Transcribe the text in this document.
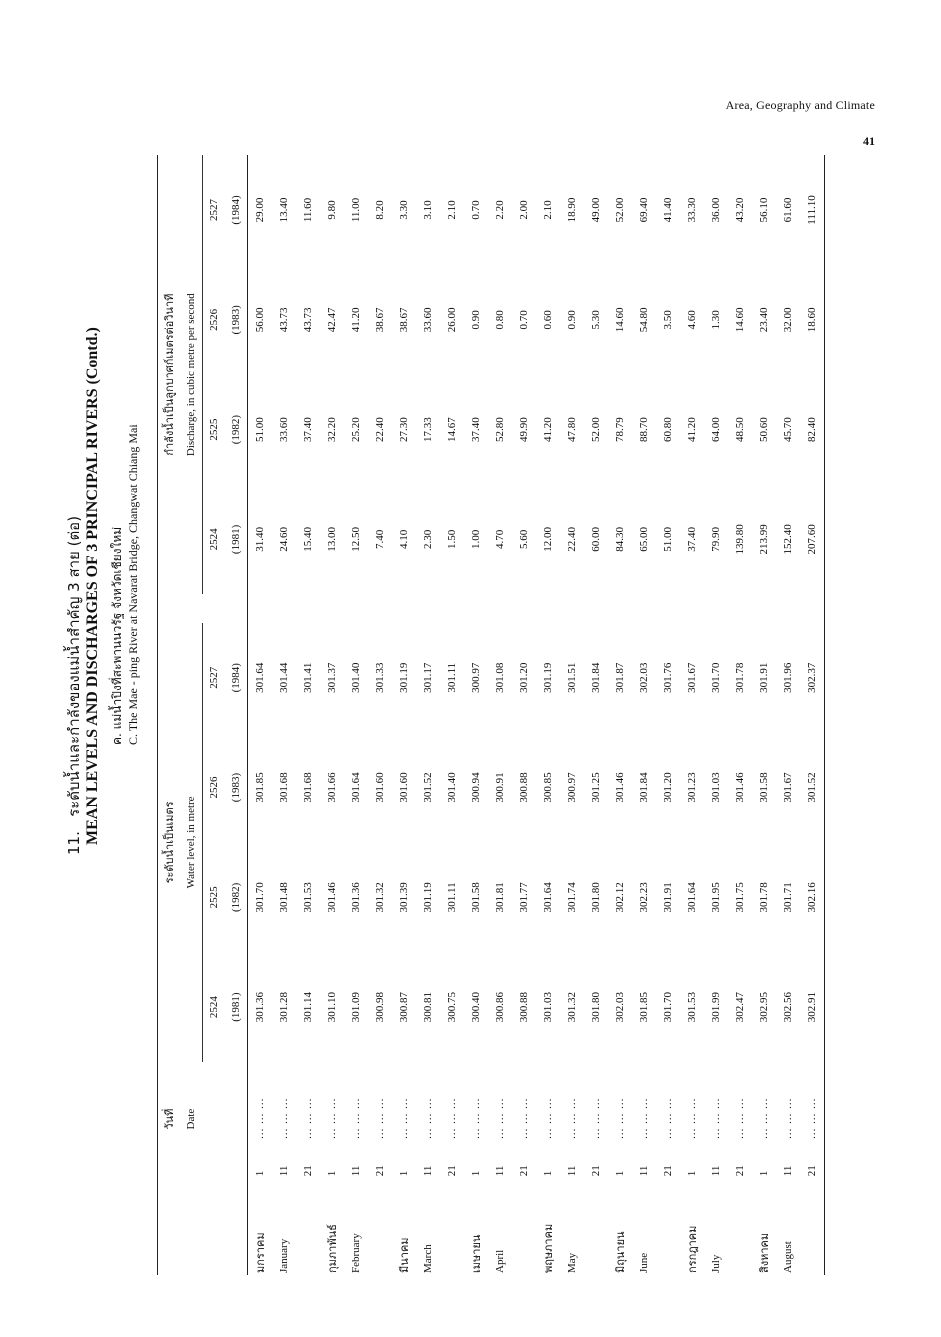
Area, Geography and Climate
41
11.   ระดับน้ำและกำลังของแม่น้ำสำคัญ 3 สาย (ต่อ) MEAN LEVELS AND DISCHARGES OF 3 PRINCIPAL RIVERS (Contd.) ค. แม่น้ำปิงที่สะพานนวรัฐ จังหวัดเชียงใหม่ C. The Mae - ping River at Navarat Bridge, Changwat Chiang Mai
	วันที่		ระดับน้ำเป็นเมตร					กำลังน้ำเป็นลูกบาศก์เมตรต่อวินาที			
	Date		Water level, in metre					Discharge, in cubic metre per second			
			2524	2525	2526	2527		2524	2525	2526	2527
			(1981)	(1982)	(1983)	(1984)		(1981)	(1982)	(1983)	(1984)
มกราคม	1	... ... ...	301.36	301.70	301.85	301.64		31.40	51.00	56.00	29.00
January	11	... ... ...	301.28	301.48	301.68	301.44		24.60	33.60	43.73	13.40
	21	... ... ...	301.14	301.53	301.68	301.41		15.40	37.40	43.73	11.60
กุมภาพันธ์	1	... ... ...	301.10	301.46	301.66	301.37		13.00	32.20	42.47	9.80
February	11	... ... ...	301.09	301.36	301.64	301.40		12.50	25.20	41.20	11.00
	21	... ... ...	300.98	301.32	301.60	301.33		7.40	22.40	38.67	8.20
มีนาคม	1	... ... ...	300.87	301.39	301.60	301.19		4.10	27.30	38.67	3.30
March	11	... ... ...	300.81	301.19	301.52	301.17		2.30	17.33	33.60	3.10
	21	... ... ...	300.75	301.11	301.40	301.11		1.50	14.67	26.00	2.10
เมษายน	1	... ... ...	300.40	301.58	300.94	300.97		1.00	37.40	0.90	0.70
April	11	... ... ...	300.86	301.81	300.91	301.08		4.70	52.80	0.80	2.20
	21	... ... ...	300.88	301.77	300.88	301.20		5.60	49.90	0.70	2.00
พฤษภาคม	1	... ... ...	301.03	301.64	300.85	301.19		12.00	41.20	0.60	2.10
May	11	... ... ...	301.32	301.74	300.97	301.51		22.40	47.80	0.90	18.90
	21	... ... ...	301.80	301.80	301.25	301.84		60.00	52.00	5.30	49.00
มิถุนายน	1	... ... ...	302.03	302.12	301.46	301.87		84.30	78.79	14.60	52.00
June	11	... ... ...	301.85	302.23	301.84	302.03		65.00	88.70	54.80	69.40
	21	... ... ...	301.70	301.91	301.20	301.76		51.00	60.80	3.50	41.40
กรกฎาคม	1	... ... ...	301.53	301.64	301.23	301.67		37.40	41.20	4.60	33.30
July	11	... ... ...	301.99	301.95	301.03	301.70		79.90	64.00	1.30	36.00
	21	... ... ...	302.47	301.75	301.46	301.78		139.80	48.50	14.60	43.20
สิงหาคม	1	... ... ...	302.95	301.78	301.58	301.91		213.99	50.60	23.40	56.10
August	11	... ... ...	302.56	301.71	301.67	301.96		152.40	45.70	32.00	61.60
	21	... ... ...	302.91	302.16	301.52	302.37		207.60	82.40	18.60	111.10
